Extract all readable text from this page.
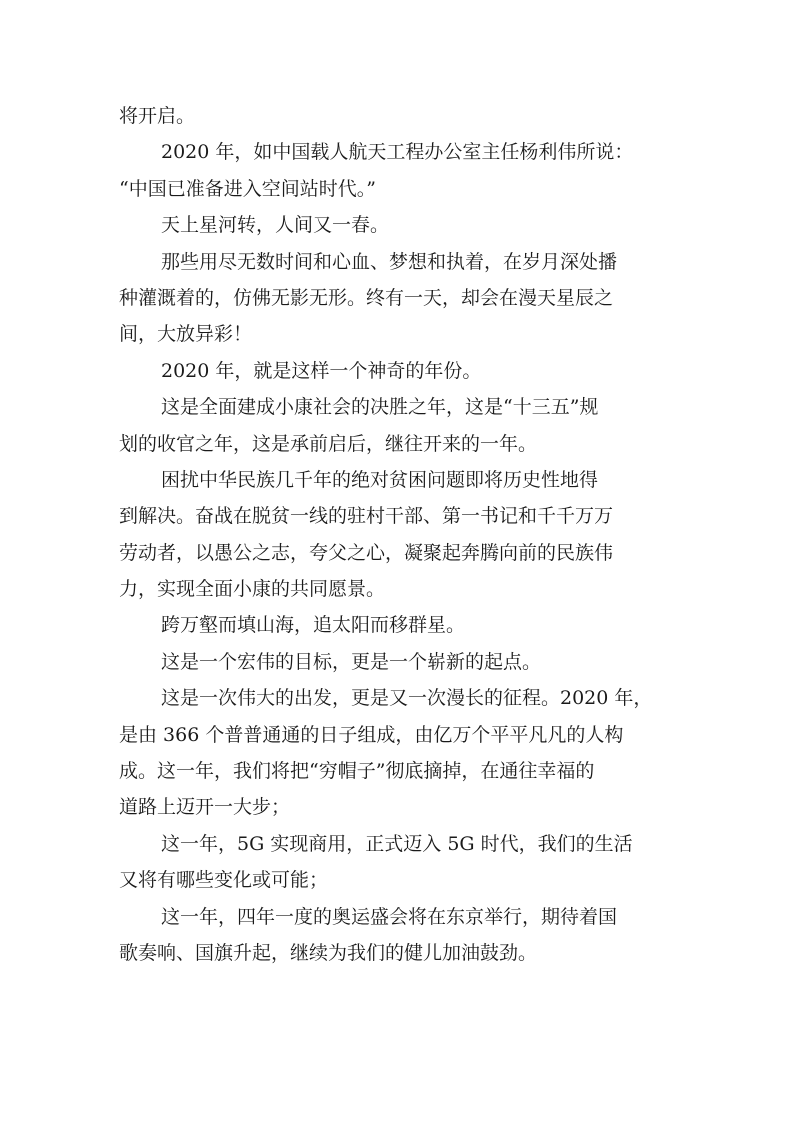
将开启。
2020 年，如中国载人航天工程办公室主任杨利伟所说：
“中国已准备进入空间站时代。”
天上星河转，人间又一春。
那些用尽无数时间和心血、梦想和执着，在岁月深处播
种灌溉着的，仿佛无影无形。终有一天，却会在漫天星辰之
间，大放异彩！
2020 年，就是这样一个神奇的年份。
这是全面建成小康社会的决胜之年，这是“十三五”规
划的收官之年，这是承前启后，继往开来的一年。
困扰中华民族几千年的绝对贫困问题即将历史性地得
到解决。奋战在脱贫一线的驻村干部、第一书记和千千万万
劳动者，以愚公之志，夸父之心，凝聚起奔腾向前的民族伟
力，实现全面小康的共同愿景。
跨万壑而填山海，追太阳而移群星。
这是一个宏伟的目标，更是一个崭新的起点。
这是一次伟大的出发，更是又一次漫长的征程。2020 年，
是由 366 个普普通通的日子组成，由亿万个平平凡凡的人构
成。这一年，我们将把“穷帽子”彻底摘掉，在通往幸福的
道路上迈开一大步；
这一年，5G 实现商用，正式迈入 5G 时代，我们的生活
又将有哪些变化或可能；
这一年，四年一度的奥运盛会将在东京举行，期待着国
歌奏响、国旗升起，继续为我们的健儿加油鼓劲。
